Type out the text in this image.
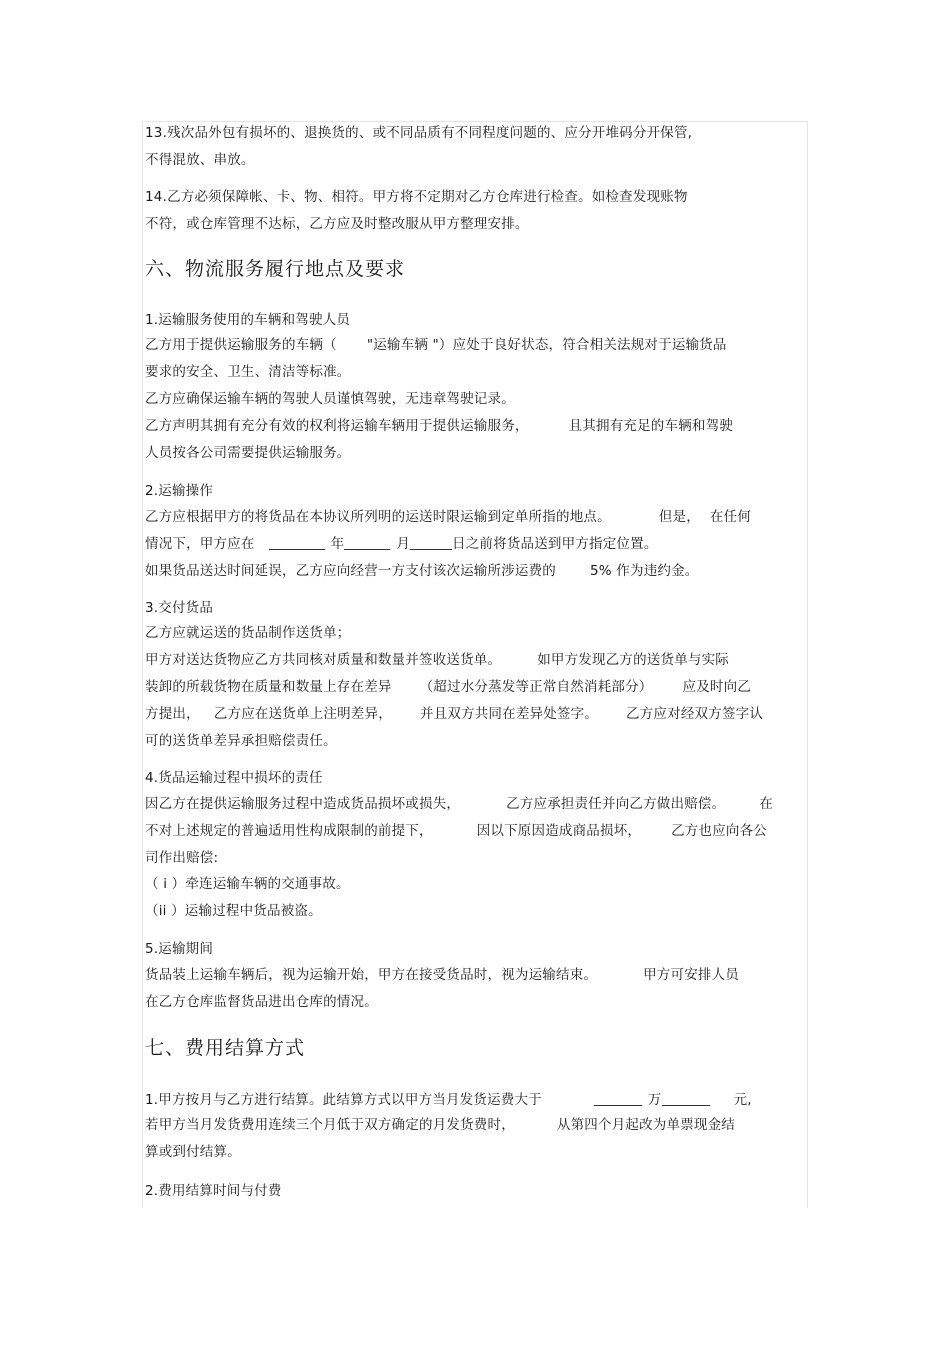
13.残次品外包有损坏的、退换货的、或不同品质有不同程度问题的、应分开堆码分开保管,
不得混放、串放。
14.乙方必须保障帐、卡、物、相符。甲方将不定期对乙方仓库进行检查。如检查发现账物
不符，或仓库管理不达标，乙方应及时整改服从甲方整理安排。
六、物流服务履行地点及要求
1.运输服务使用的车辆和驾驶人员
乙方用于提供运输服务的车辆（ "运输车辆 "）应处于良好状态，符合相关法规对于运输货品
要求的安全、卫生、清洁等标准。
乙方应确保运输车辆的驾驶人员谨慎驾驶，无违章驾驶记录。
乙方声明其拥有充分有效的权利将运输车辆用于提供运输服务，	且其拥有充足的车辆和驾驶
人员按各公司需要提供运输服务。
2.运输操作
乙方应根据甲方的将货品在本协议所列明的运送时限运输到定单所指的地点。	但是， 在任何
情况下，甲方应在	年	月	日之前将货品送到甲方指定位置。
如果货品送达时间延误，乙方应向经营一方支付该次运输所涉运费的	5% 作为违约金。
3.交付货品
乙方应就运送的货品制作送货单；
甲方对送达货物应乙方共同核对质量和数量并签收送货单。	如甲方发现乙方的送货单与实际
装卸的所载货物在质量和数量上存在差异 （超过水分蒸发等正常自然消耗部分） 应及时向乙
方提出， 乙方应在送货单上注明差异， 并且双方共同在差异处签字。 乙方应对经双方签字认
可的送货单差异承担赔偿责任。
4.货品运输过程中损坏的责任
因乙方在提供运输服务过程中造成货品损坏或损失，	乙方应承担责任并向乙方做出赔偿。	在
不对上述规定的普遍适用性构成限制的前提下，	因以下原因造成商品损坏， 乙方也应向各公
司作出赔偿:
（ i ）牵连运输车辆的交通事故。
（ii ）运输过程中货品被盗。
5.运输期间
货品装上运输车辆后，视为运输开始，甲方在接受货品时，视为运输结束。	甲方可安排人员
在乙方仓库监督货品进出仓库的情况。
七、费用结算方式
1.甲方按月与乙方进行结算。此结算方式以甲方当月发货运费大于	万	元,
若甲方当月发货费用连续三个月低于双方确定的月发货费时，	从第四个月起改为单票现金结
算或到付结算。
2.费用结算时间与付费
